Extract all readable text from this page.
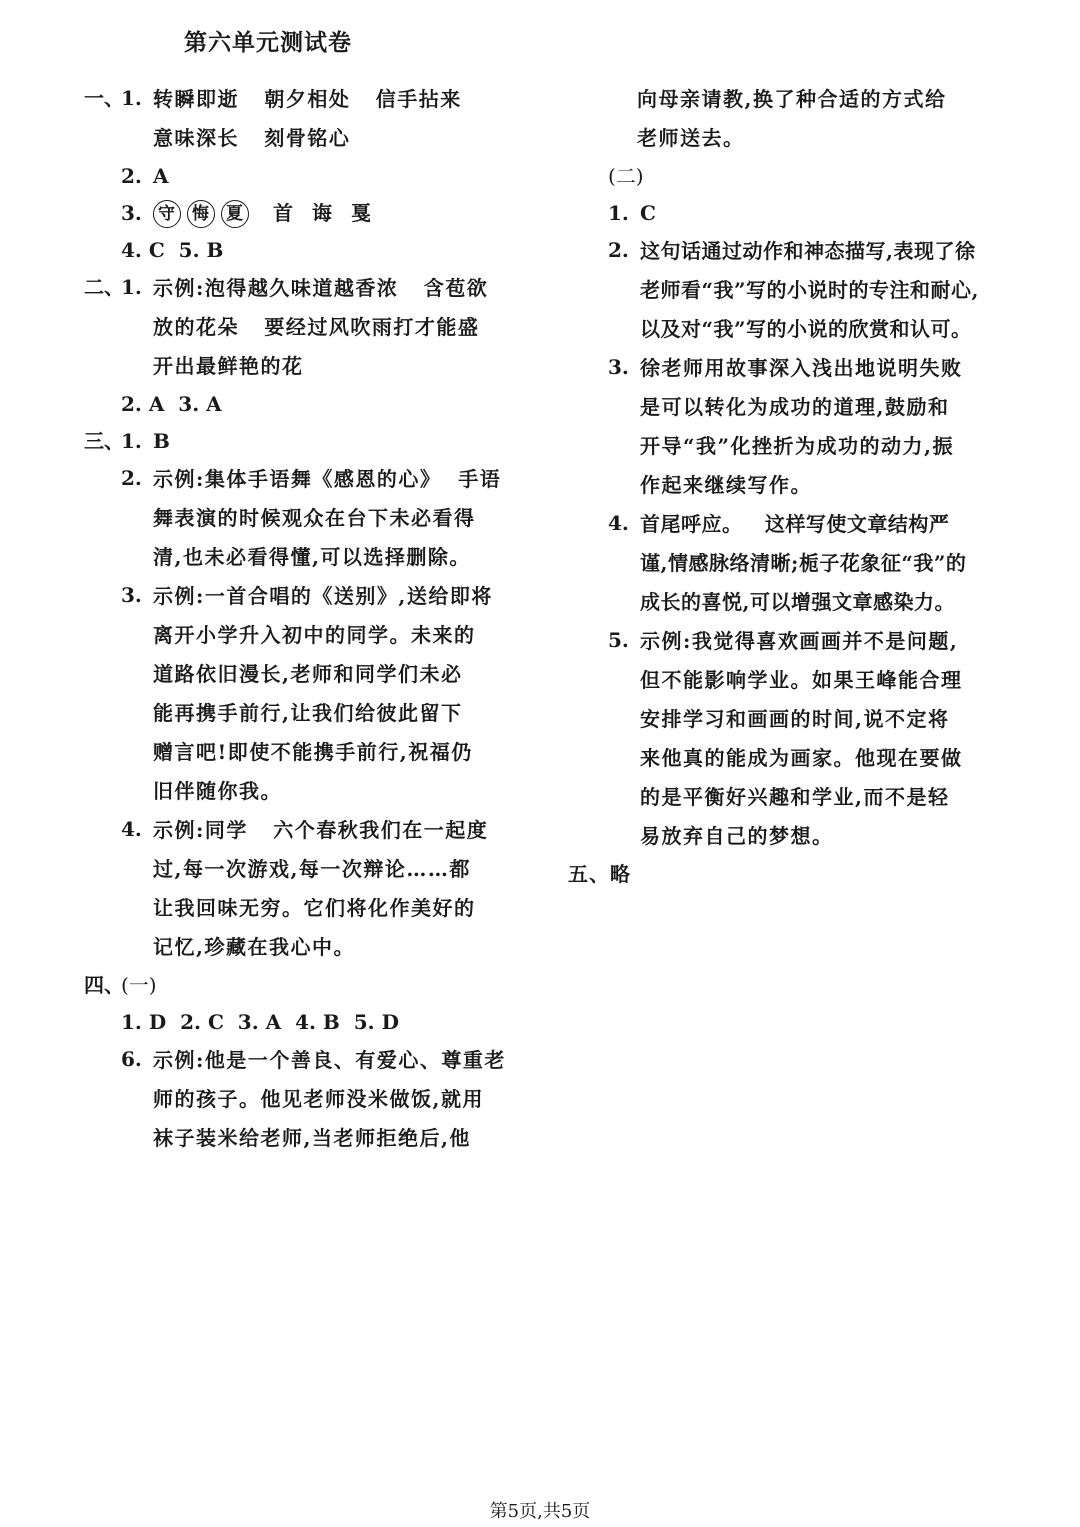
第六单元测试卷
一、
1. 转瞬即逝   朝夕相处   信手拈来
意味深长   刻骨铭心
2. A
3. 守 悔 夏 首 诲 戛
4. C  5. B
二、
1. 示例:泡得越久味道越香浓   含苞欲
放的花朵   要经过风吹雨打才能盛
开出最鲜艳的花
2. A  3. A
三、
1. B
2. 示例:集体手语舞《感恩的心》  手语
舞表演的时候观众在台下未必看得
清,也未必看得懂,可以选择删除。
3. 示例:一首合唱的《送别》,送给即将
离开小学升入初中的同学。未来的
道路依旧漫长,老师和同学们未必
能再携手前行,让我们给彼此留下
赠言吧!即使不能携手前行,祝福仍
旧伴随你我。
4. 示例:同学   六个春秋我们在一起度
过,每一次游戏,每一次辩论……都
让我回味无穷。它们将化作美好的
记忆,珍藏在我心中。
四、
(一)
1. D  2. C  3. A  4. B  5. D
6. 示例:他是一个善良、有爱心、尊重老
师的孩子。他见老师没米做饭,就用
袜子装米给老师,当老师拒绝后,他
向母亲请教,换了种合适的方式给
老师送去。
(二)
1. C
2. 这句话通过动作和神态描写,表现了徐
老师看“我”写的小说时的专注和耐心,
以及对“我”写的小说的欣赏和认可。
3. 徐老师用故事深入浅出地说明失败
是可以转化为成功的道理,鼓励和
开导“我”化挫折为成功的动力,振
作起来继续写作。
4. 首尾呼应。   这样写使文章结构严
谨,情感脉络清晰;栀子花象征“我”的
成长的喜悦,可以增强文章感染力。
5. 示例:我觉得喜欢画画并不是问题,
但不能影响学业。如果王峰能合理
安排学习和画画的时间,说不定将
来他真的能成为画家。他现在要做
的是平衡好兴趣和学业,而不是轻
易放弃自己的梦想。
五、略
第5页,共5页
